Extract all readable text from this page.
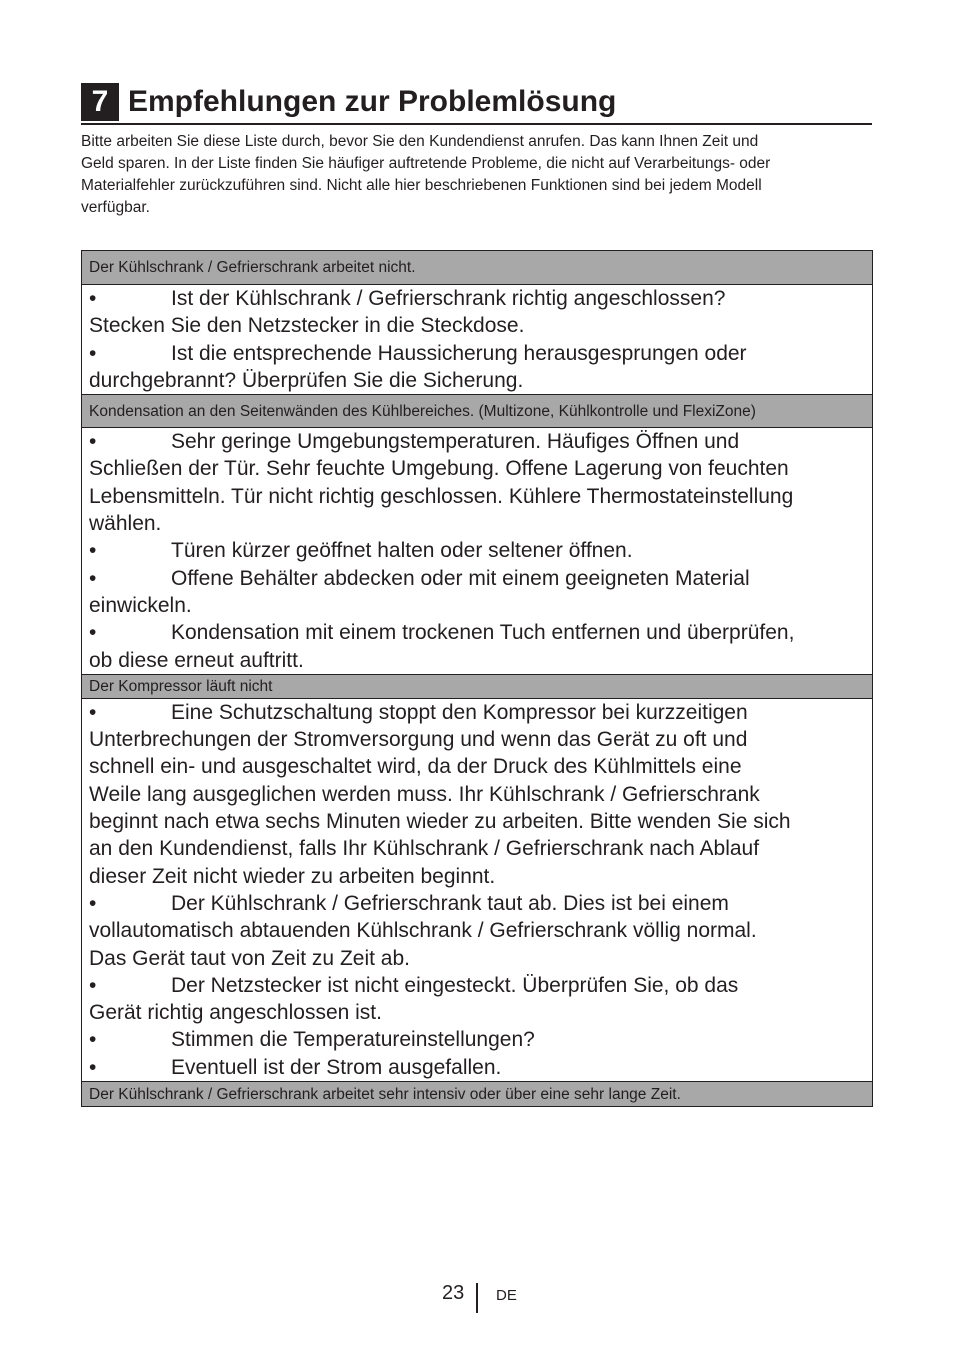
7 Empfehlungen zur Problemlösung

Bitte arbeiten Sie diese Liste durch, bevor Sie den Kundendienst anrufen. Das kann Ihnen Zeit und

Geld sparen. In der Liste finden Sie häufiger auftretende Probleme, die nicht auf Verarbeitungs- oder

Materialfehler zurückzuführen sind. Nicht alle hier beschriebenen Funktionen sind bei jedem Modell

verfügbar.

Der Kühlschrank / Gefrierschrank arbeitet nicht.

•	Ist der Kühlschrank / Gefrierschrank richtig angeschlossen?

Stecken Sie den Netzstecker in die Steckdose.

•	Ist die entsprechende Haussicherung herausgesprungen oder

durchgebrannt? Überprüfen Sie die Sicherung.

Kondensation an den Seitenwänden des Kühlbereiches. (Multizone, Kühlkontrolle und FlexiZone)

•	Sehr geringe Umgebungstemperaturen. Häufiges Öffnen und

Schließen der Tür. Sehr feuchte Umgebung. Offene Lagerung von feuchten

Lebensmitteln. Tür nicht richtig geschlossen. Kühlere Thermostateinstellung

wählen.

•	Türen kürzer geöffnet halten oder seltener öffnen.

•	Offene Behälter abdecken oder mit einem geeigneten Material

einwickeln.

•	Kondensation mit einem trockenen Tuch entfernen und überprüfen,

ob diese erneut auftritt.

Der Kompressor läuft nicht

•	Eine Schutzschaltung stoppt den Kompressor bei kurzzeitigen

Unterbrechungen der Stromversorgung und wenn das Gerät zu oft und

schnell ein- und ausgeschaltet wird, da der Druck des Kühlmittels eine

Weile lang ausgeglichen werden muss. Ihr Kühlschrank / Gefrierschrank

beginnt nach etwa sechs Minuten wieder zu arbeiten. Bitte wenden Sie sich

an den Kundendienst, falls Ihr Kühlschrank / Gefrierschrank nach Ablauf

dieser Zeit nicht wieder zu arbeiten beginnt.

•	Der Kühlschrank / Gefrierschrank taut ab. Dies ist bei einem

vollautomatisch abtauenden Kühlschrank / Gefrierschrank völlig normal.

Das Gerät taut von Zeit zu Zeit ab.

•	Der Netzstecker ist nicht eingesteckt. Überprüfen Sie, ob das

Gerät richtig angeschlossen ist.

•	Stimmen die Temperatureinstellungen?

•	Eventuell ist der Strom ausgefallen.

Der Kühlschrank / Gefrierschrank arbeitet sehr intensiv oder über eine sehr lange Zeit.
23 DE
